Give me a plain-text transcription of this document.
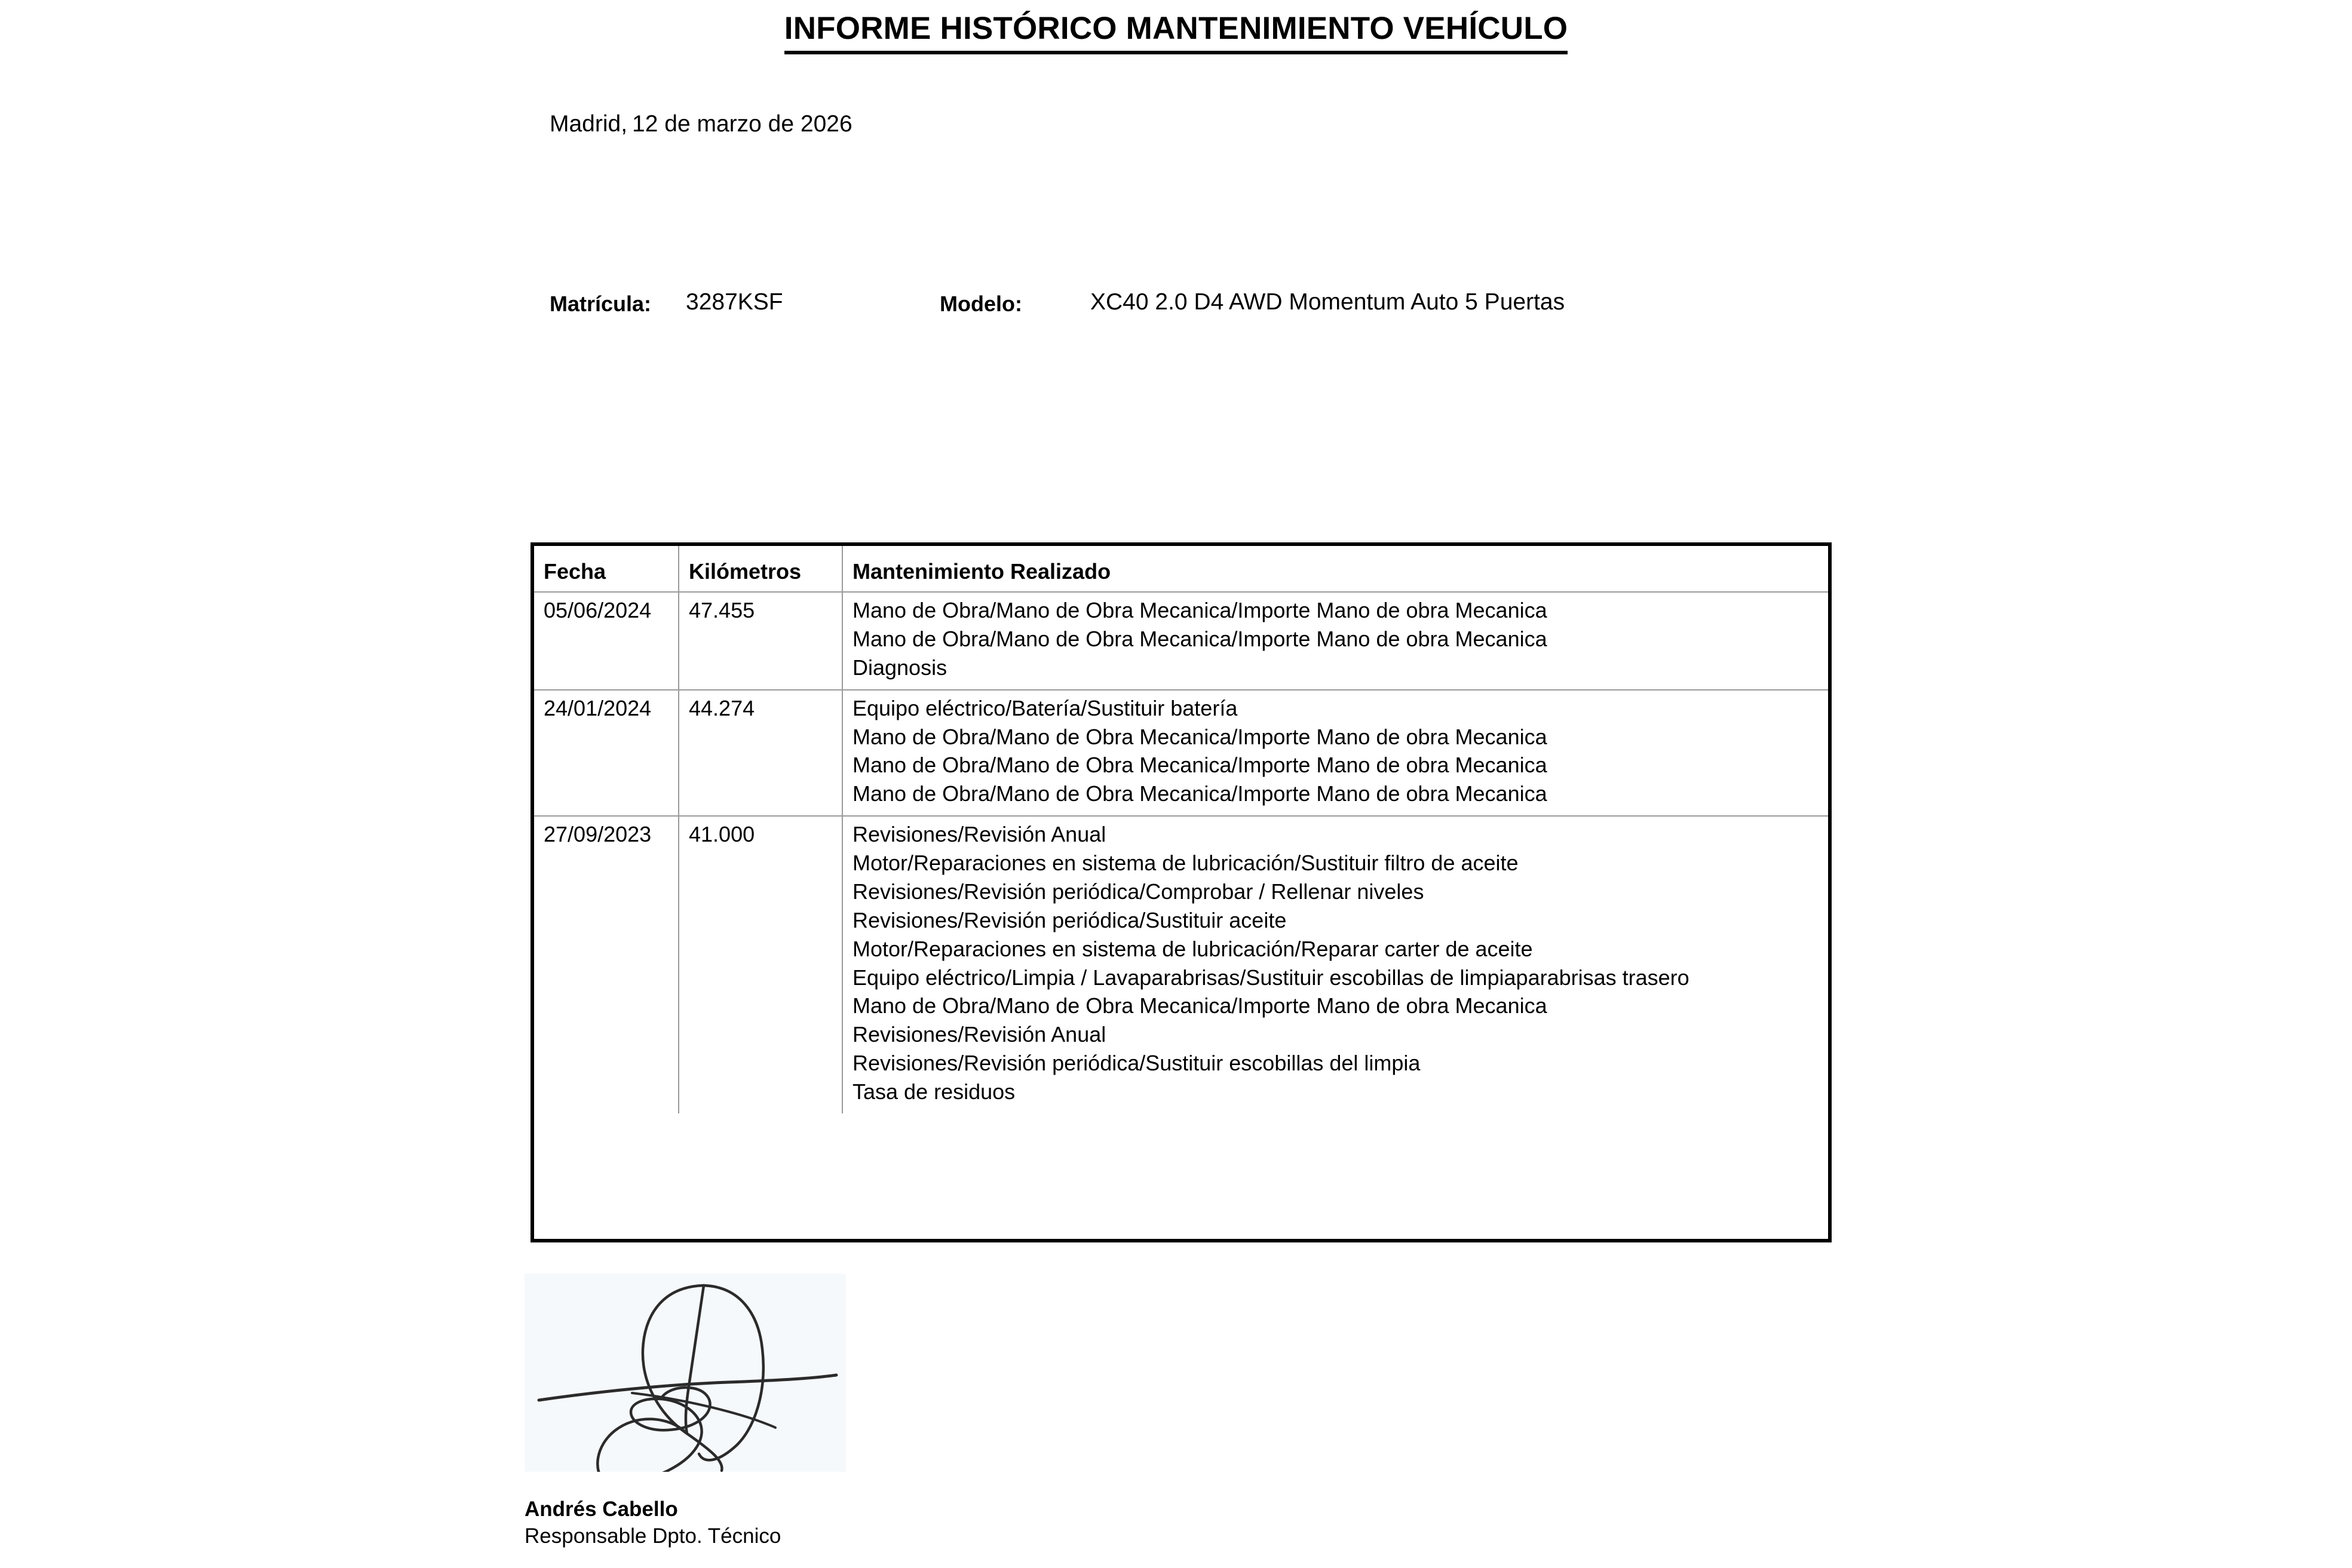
INFORME HISTÓRICO MANTENIMIENTO VEHÍCULO
Madrid, 12 de marzo de 2026
Matrícula: 3287KSF	Modelo:	XC40 2.0 D4 AWD Momentum Auto 5 Puertas
Fecha	Kilómetros	Mantenimiento Realizado
05/06/2024	47.455	Mano de Obra/Mano de Obra Mecanica/Importe Mano de obra Mecanica
Mano de Obra/Mano de Obra Mecanica/Importe Mano de obra Mecanica
Diagnosis

24/01/2024	44.274	Equipo eléctrico/Batería/Sustituir batería
Mano de Obra/Mano de Obra Mecanica/Importe Mano de obra Mecanica
Mano de Obra/Mano de Obra Mecanica/Importe Mano de obra Mecanica
Mano de Obra/Mano de Obra Mecanica/Importe Mano de obra Mecanica

27/09/2023	41.000	Revisiones/Revisión Anual
Motor/Reparaciones en sistema de lubricación/Sustituir filtro de aceite
Revisiones/Revisión periódica/Comprobar / Rellenar niveles
Revisiones/Revisión periódica/Sustituir aceite
Motor/Reparaciones en sistema de lubricación/Reparar carter de aceite
Equipo eléctrico/Limpia / Lavaparabrisas/Sustituir escobillas de limpiaparabrisas trasero
Mano de Obra/Mano de Obra Mecanica/Importe Mano de obra Mecanica
Revisiones/Revisión Anual
Revisiones/Revisión periódica/Sustituir escobillas del limpia
Tasa de residuos
Andrés Cabello
Responsable Dpto. Técnico
